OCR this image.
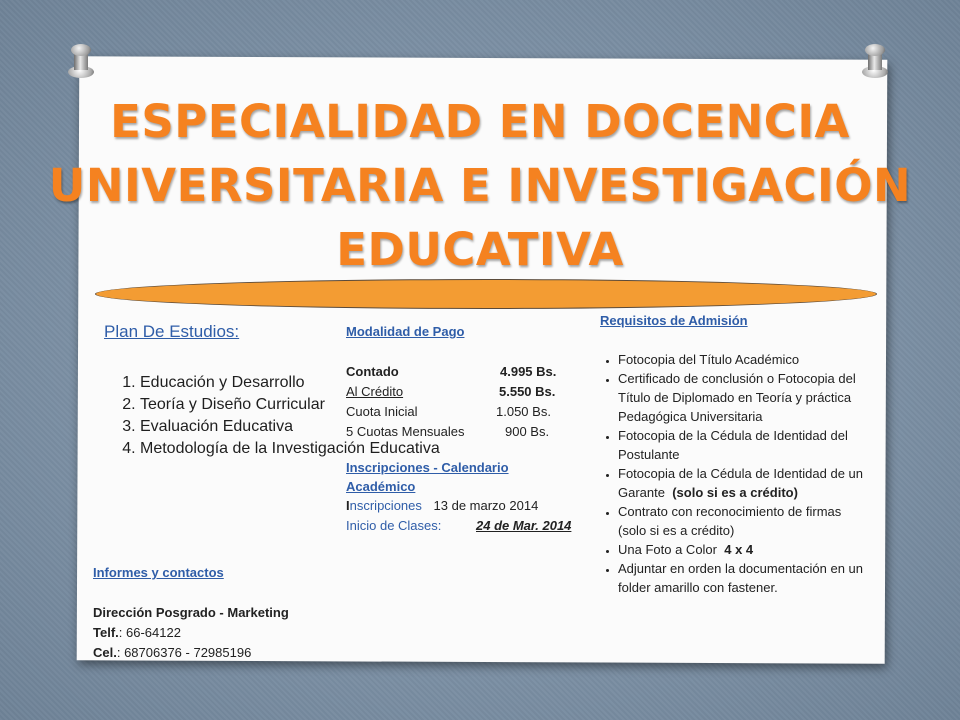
ESPECIALIDAD EN DOCENCIA
UNIVERSITARIA E INVESTIGACIÓN
EDUCATIVA
Plan De Estudios:
1. Educación y Desarrollo
2. Teoría y Diseño Curricular
3. Evaluación Educativa
4. Metodología de la Investigación Educativa
Modalidad de Pago
Contado	4.995 Bs.
Al Crédito	5.550 Bs.
Cuota Inicial	1.050 Bs.
5 Cuotas Mensuales	900 Bs.
Inscripciones - Calendario Académico
Inscripciones 13 de marzo 2014
Inicio de Clases:	24 de Mar. 2014
Requisitos de Admisión
• Fotocopia del Título Académico
• Certificado de conclusión o Fotocopia del Título de Diplomado en Teoría y práctica Pedagógica Universitaria
• Fotocopia de la Cédula de Identidad del Postulante
• Fotocopia de la Cédula de Identidad de un Garante (solo si es a crédito)
• Contrato con reconocimiento de firmas (solo si es a crédito)
• Una Foto a Color 4 x 4
• Adjuntar en orden la documentación en un folder amarillo con fastener.
Informes y contactos

Dirección Posgrado - Marketing
Telf.: 66-64122
Cel.: 68706376 - 72985196
